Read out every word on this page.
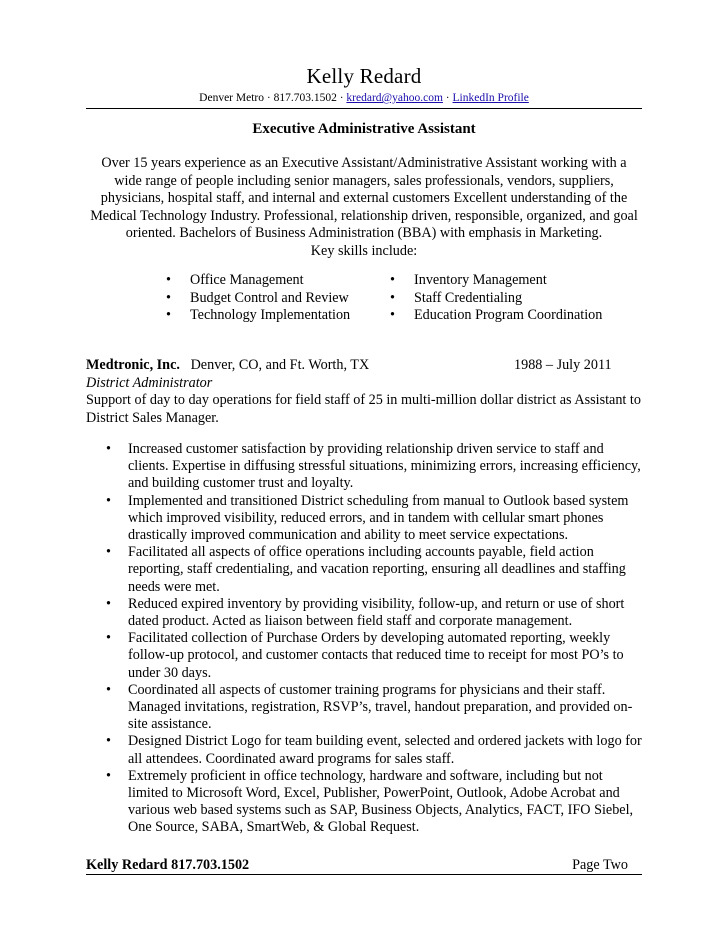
Kelly Redard
Denver Metro · 817.703.1502 · kredard@yahoo.com · LinkedIn Profile
Executive Administrative Assistant
Over 15 years experience as an Executive Assistant/Administrative Assistant working with a wide range of people including senior managers, sales professionals, vendors, suppliers, physicians, hospital staff, and internal and external customers Excellent understanding of the Medical Technology Industry. Professional, relationship driven, responsible, organized, and goal oriented. Bachelors of Business Administration (BBA) with emphasis in Marketing.
Key skills include:
• Office Management
• Budget Control and Review
• Technology Implementation
• Inventory Management
• Staff Credentialing
• Education Program Coordination
Medtronic, Inc. Denver, CO, and Ft. Worth, TX	1988 – July 2011
District Administrator

Support of day to day operations for field staff of 25 in multi-million dollar district as Assistant to District Sales Manager.

• Increased customer satisfaction by providing relationship driven service to staff and clients. Expertise in diffusing stressful situations, minimizing errors, increasing efficiency, and building customer trust and loyalty.
• Implemented and transitioned District scheduling from manual to Outlook based system which improved visibility, reduced errors, and in tandem with cellular smart phones drastically improved communication and ability to meet service expectations.
• Facilitated all aspects of office operations including accounts payable, field action reporting, staff credentialing, and vacation reporting, ensuring all deadlines and staffing needs were met.
• Reduced expired inventory by providing visibility, follow-up, and return or use of short dated product. Acted as liaison between field staff and corporate management.
• Facilitated collection of Purchase Orders by developing automated reporting, weekly follow-up protocol, and customer contacts that reduced time to receipt for most PO’s to under 30 days.
• Coordinated all aspects of customer training programs for physicians and their staff. Managed invitations, registration, RSVP’s, travel, handout preparation, and provided on-site assistance.
• Designed District Logo for team building event, selected and ordered jackets with logo for all attendees. Coordinated award programs for sales staff.
• Extremely proficient in office technology, hardware and software, including but not limited to Microsoft Word, Excel, Publisher, PowerPoint, Outlook, Adobe Acrobat and various web based systems such as SAP, Business Objects, Analytics, FACT, IFO Siebel, One Source, SABA, SmartWeb, & Global Request.
Kelly Redard 817.703.1502	Page Two
